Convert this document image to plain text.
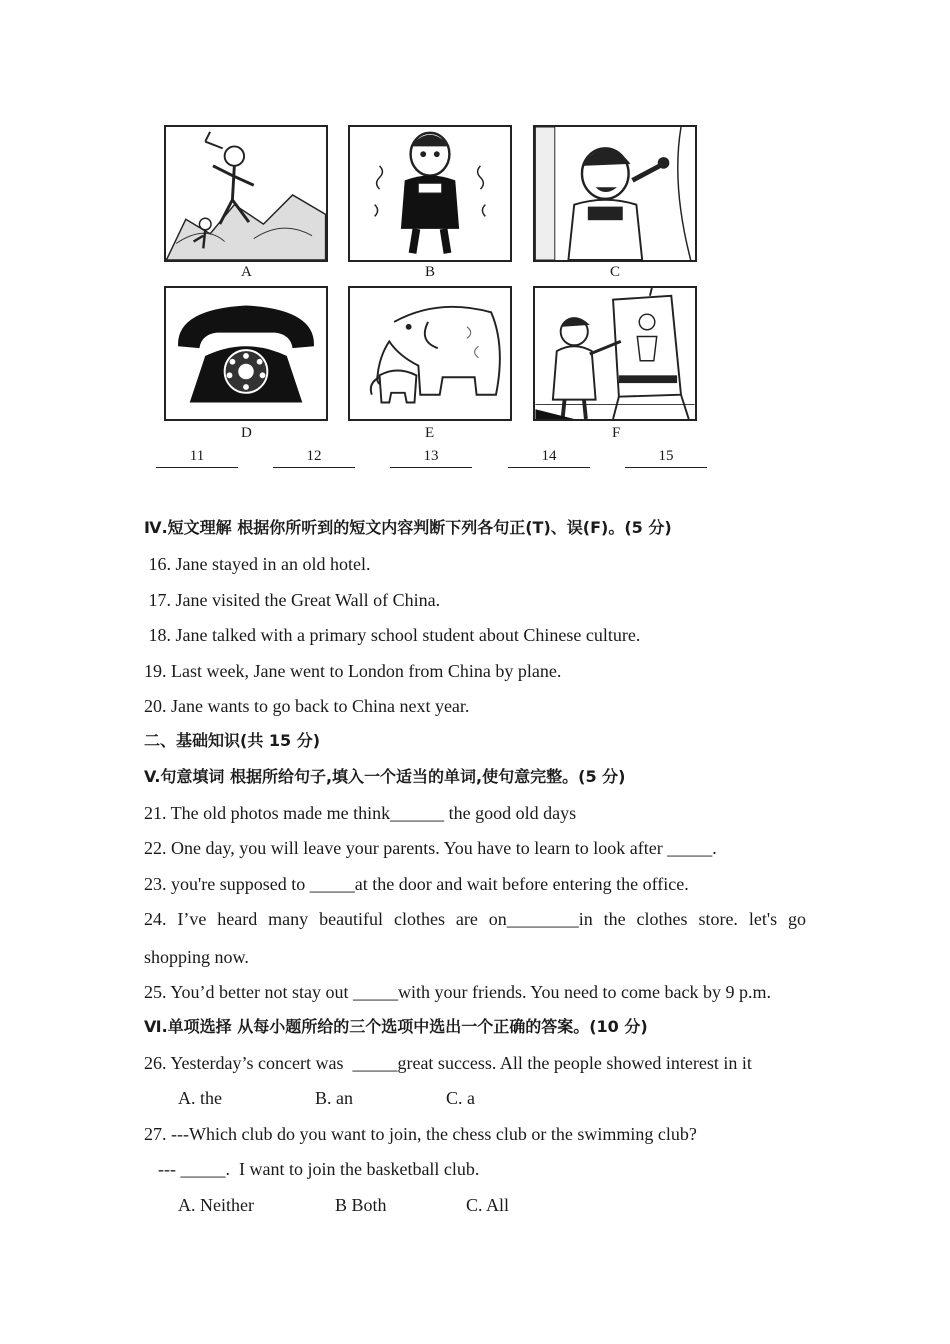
A	B	C
D	E	F
11	12	13	14	15
Ⅳ.短文理解 根据你所听到的短文内容判断下列各句正(T)、误(F)。(5 分)
16. Jane stayed in an old hotel.
17. Jane visited the Great Wall of China.
18. Jane talked with a primary school student about Chinese culture.
19. Last week, Jane went to London from China by plane.
20. Jane wants to go back to China next year.
二、基础知识(共 15 分)
V.句意填词 根据所给句子,填入一个适当的单词,使句意完整。(5 分)
21. The old photos made me think______ the good old days
22. One day, you will leave your parents. You have to learn to look after _____.
23. you're supposed to _____at the door and wait before entering the office.
24. I’ve heard many beautiful clothes are on________in the clothes store. let's go
shopping now.
25. You’d better not stay out _____with your friends. You need to come back by 9 p.m.
Ⅵ.单项选择 从每小题所给的三个选项中选出一个正确的答案。(10 分)
26. Yesterday’s concert was  _____great success. All the people showed interest in it
A. the	B. an	C. a
27. ---Which club do you want to join, the chess club or the swimming club?
--- _____.  I want to join the basketball club.
A. Neither	B Both	C. All
